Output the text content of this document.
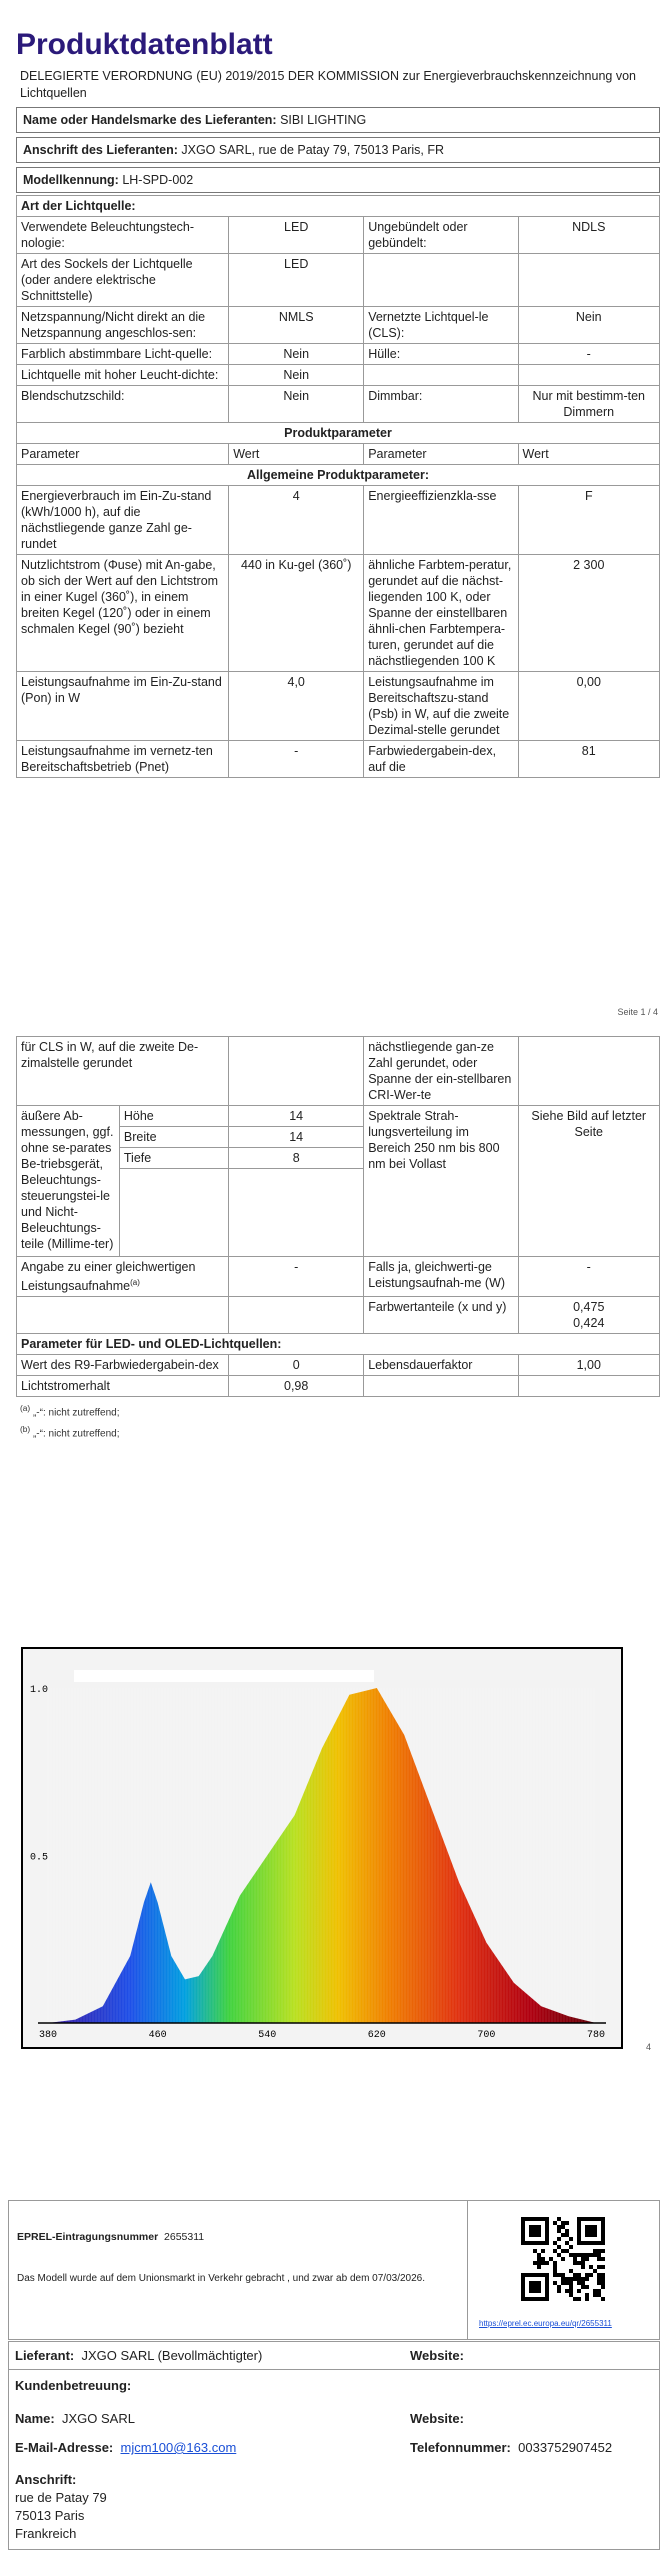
Produktdatenblatt
DELEGIERTE VERORDNUNG (EU) 2019/2015 DER KOMMISSION zur Energieverbrauchskennzeichnung von Lichtquellen
Name oder Handelsmarke des Lieferanten: SIBI LIGHTING
Anschrift des Lieferanten: JXGO SARL, rue de Patay 79, 75013 Paris, FR
Modellkennung: LH-SPD-002
Art der Lichtquelle:			
Verwendete Beleuchtungstech-nologie:	LED	Ungebündelt oder gebündelt:	NDLS
Art des Sockels der Lichtquelle (oder andere elektrische Schnittstelle)	LED		
Netzspannung/Nicht direkt an die Netzspannung angeschlos-sen:	NMLS	Vernetzte Lichtquel-le (CLS):	Nein
Farblich abstimmbare Licht-quelle:	Nein	Hülle:	-
Lichtquelle mit hoher Leucht-dichte:	Nein		
Blendschutzschild:	Nein	Dimmbar:	Nur mit bestimm-ten Dimmern
Produktparameter			
Parameter	Wert	Parameter	Wert
Allgemeine Produktparameter:			
Energieverbrauch im Ein-Zu-stand (kWh/1000 h), auf die nächstliegende ganze Zahl ge-rundet	4	Energieeffizienzkla-sse	F
Nutzlichtstrom (Φuse) mit An-gabe, ob sich der Wert auf den Lichtstrom in einer Kugel (360˚), in einem breiten Kegel (120˚) oder in einem schmalen Kegel (90˚) bezieht	440 in Ku-gel (360˚)	ähnliche Farbtem-peratur, gerundet auf die nächst-liegenden 100 K, oder Spanne der einstellbaren ähnli-chen Farbtempera-turen, gerundet auf die nächstliegenden 100 K	2 300
Leistungsaufnahme im Ein-Zu-stand (Pon) in W	4,0	Leistungsaufnahme im Bereitschaftszu-stand (Psb) in W, auf die zweite Dezimal-stelle gerundet	0,00
Leistungsaufnahme im vernetz-ten Bereitschaftsbetrieb (Pnet)	-	Farbwiedergabein-dex, auf die	81
Seite 1 / 4
für CLS in W, auf die zweite De-zimalstelle gerundet			nächstliegende gan-ze Zahl gerundet, oder Spanne der ein-stellbaren CRI-Wer-te	
äußere Ab-messungen, ggf. ohne se-parates Be-triebsgerät, Beleuchtungs-steuerungstei-le und Nicht-Beleuchtungs-teile (Millime-ter)	Höhe	14	Spektrale Strah-lungsverteilung im Bereich 250 nm bis 800 nm bei Vollast	Siehe Bild auf letzter Seite
	Breite	14		
	Tiefe	8		

Angabe zu einer gleichwertigen Leistungsaufnahme$^{(a)}$		-	Falls ja, gleichwerti-ge Leistungsaufnah-me (W)	-
			Farbwertanteile (x und y)	0,475
0,424
Parameter für LED- und OLED-Lichtquellen:				
Wert des R9-Farbwiedergabein-dex		0	Lebensdauerfaktor	1,00
Lichtstromerhalt		0,98		
$^{(a)}$ „-“: nicht zutreffend;
$^{(b)}$ „-“: nicht zutreffend;
380	460	540	620	700	780
0.5
1.0
4
EPREL-Eintragungsnummer 2655311
Das Modell wurde auf dem Unionsmarkt in Verkehr gebracht , und zwar ab dem 07/03/2026.
https://eprel.ec.europa.eu/qr/2655311
Lieferant: JXGO SARL (Bevollmächtigter)	Website:
Kundenbetreuung:
Name: JXGO SARL	Website:
E-Mail-Adresse: mjcm100@163.com	Telefonnummer: 0033752907452
Anschrift:
rue de Patay 79
75013 Paris
Frankreich
